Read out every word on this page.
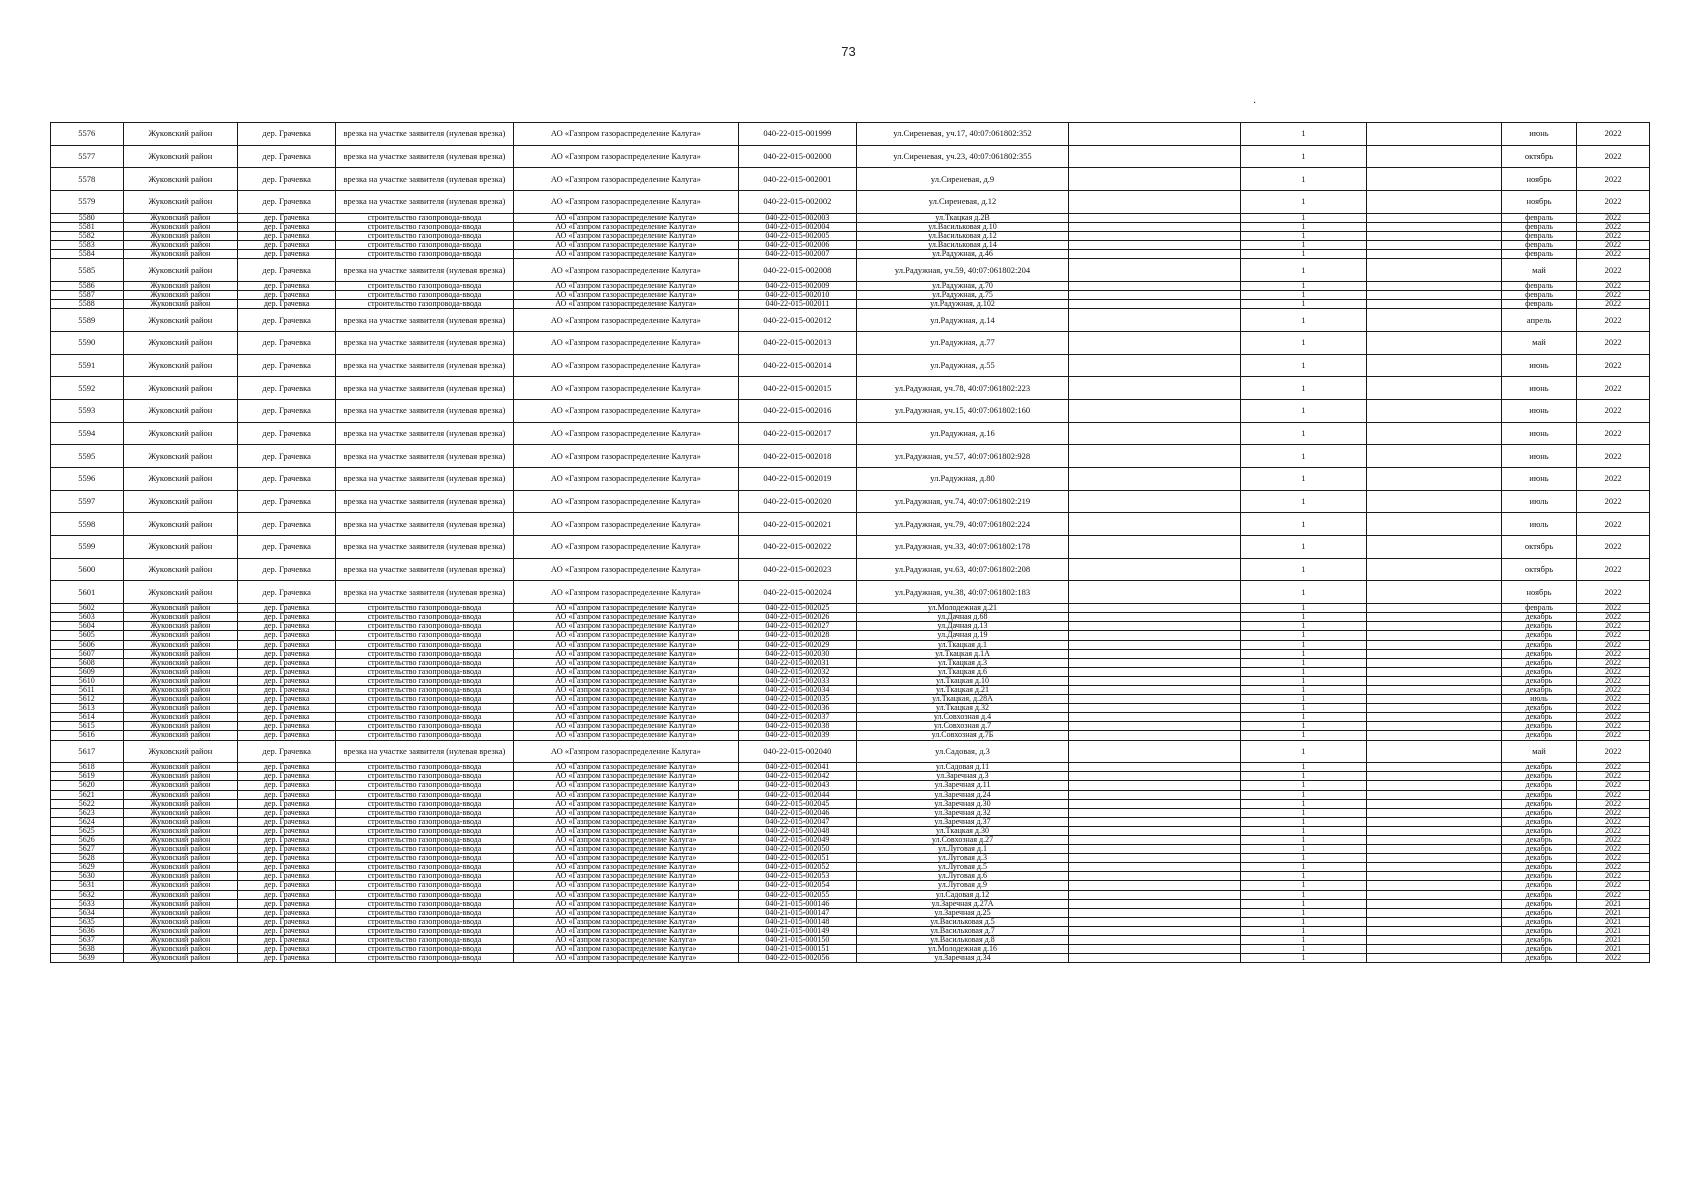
73
·
5576	Жуковский район	дер. Грачевка	врезка на участке заявителя (нулевая врезка)	АО «Газпром газораспределение Калуга»	040-22-015-001999	ул.Сиреневая, уч.17, 40:07:061802:352		1		июнь	2022
5577	Жуковский район	дер. Грачевка	врезка на участке заявителя (нулевая врезка)	АО «Газпром газораспределение Калуга»	040-22-015-002000	ул.Сиреневая, уч.23, 40:07:061802:355		1		октябрь	2022
5578	Жуковский район	дер. Грачевка	врезка на участке заявителя (нулевая врезка)	АО «Газпром газораспределение Калуга»	040-22-015-002001	ул.Сиреневая, д.9		1		ноябрь	2022
5579	Жуковский район	дер. Грачевка	врезка на участке заявителя (нулевая врезка)	АО «Газпром газораспределение Калуга»	040-22-015-002002	ул.Сиреневая, д.12		1		ноябрь	2022
5580	Жуковский район	дер. Грачевка	строительство газопровода-ввода	АО «Газпром газораспределение Калуга»	040-22-015-002003	ул.Ткацкая д.2В		1		февраль	2022
5581	Жуковский район	дер. Грачевка	строительство газопровода-ввода	АО «Газпром газораспределение Калуга»	040-22-015-002004	ул.Васильковая д.10		1		февраль	2022
5582	Жуковский район	дер. Грачевка	строительство газопровода-ввода	АО «Газпром газораспределение Калуга»	040-22-015-002005	ул.Васильковая д.12		1		февраль	2022
5583	Жуковский район	дер. Грачевка	строительство газопровода-ввода	АО «Газпром газораспределение Калуга»	040-22-015-002006	ул.Васильковая д.14		1		февраль	2022
5584	Жуковский район	дер. Грачевка	строительство газопровода-ввода	АО «Газпром газораспределение Калуга»	040-22-015-002007	ул.Радужная, д.46		1		февраль	2022
5585	Жуковский район	дер. Грачевка	врезка на участке заявителя (нулевая врезка)	АО «Газпром газораспределение Калуга»	040-22-015-002008	ул.Радужная, уч.59, 40:07:061802:204		1		май	2022
5586	Жуковский район	дер. Грачевка	строительство газопровода-ввода	АО «Газпром газораспределение Калуга»	040-22-015-002009	ул.Радужная, д.70		1		февраль	2022
5587	Жуковский район	дер. Грачевка	строительство газопровода-ввода	АО «Газпром газораспределение Калуга»	040-22-015-002010	ул.Радужная, д.75		1		февраль	2022
5588	Жуковский район	дер. Грачевка	строительство газопровода-ввода	АО «Газпром газораспределение Калуга»	040-22-015-002011	ул.Радужная, д.102		1		февраль	2022
5589	Жуковский район	дер. Грачевка	врезка на участке заявителя (нулевая врезка)	АО «Газпром газораспределение Калуга»	040-22-015-002012	ул.Радужная, д.14		1		апрель	2022
5590	Жуковский район	дер. Грачевка	врезка на участке заявителя (нулевая врезка)	АО «Газпром газораспределение Калуга»	040-22-015-002013	ул.Радужная, д.77		1		май	2022
5591	Жуковский район	дер. Грачевка	врезка на участке заявителя (нулевая врезка)	АО «Газпром газораспределение Калуга»	040-22-015-002014	ул.Радужная, д.55		1		июнь	2022
5592	Жуковский район	дер. Грачевка	врезка на участке заявителя (нулевая врезка)	АО «Газпром газораспределение Калуга»	040-22-015-002015	ул.Радужная, уч.78, 40:07:061802:223		1		июнь	2022
5593	Жуковский район	дер. Грачевка	врезка на участке заявителя (нулевая врезка)	АО «Газпром газораспределение Калуга»	040-22-015-002016	ул.Радужная, уч.15, 40:07:061802:160		1		июнь	2022
5594	Жуковский район	дер. Грачевка	врезка на участке заявителя (нулевая врезка)	АО «Газпром газораспределение Калуга»	040-22-015-002017	ул.Радужная, д.16		1		июнь	2022
5595	Жуковский район	дер. Грачевка	врезка на участке заявителя (нулевая врезка)	АО «Газпром газораспределение Калуга»	040-22-015-002018	ул.Радужная, уч.57, 40:07:061802:928		1		июнь	2022
5596	Жуковский район	дер. Грачевка	врезка на участке заявителя (нулевая врезка)	АО «Газпром газораспределение Калуга»	040-22-015-002019	ул.Радужная, д.80		1		июнь	2022
5597	Жуковский район	дер. Грачевка	врезка на участке заявителя (нулевая врезка)	АО «Газпром газораспределение Калуга»	040-22-015-002020	ул.Радужная, уч.74, 40:07:061802:219		1		июль	2022
5598	Жуковский район	дер. Грачевка	врезка на участке заявителя (нулевая врезка)	АО «Газпром газораспределение Калуга»	040-22-015-002021	ул.Радужная, уч.79, 40:07:061802:224		1		июль	2022
5599	Жуковский район	дер. Грачевка	врезка на участке заявителя (нулевая врезка)	АО «Газпром газораспределение Калуга»	040-22-015-002022	ул.Радужная, уч.33, 40:07:061802:178		1		октябрь	2022
5600	Жуковский район	дер. Грачевка	врезка на участке заявителя (нулевая врезка)	АО «Газпром газораспределение Калуга»	040-22-015-002023	ул.Радужная, уч.63, 40:07:061802:208		1		октябрь	2022
5601	Жуковский район	дер. Грачевка	врезка на участке заявителя (нулевая врезка)	АО «Газпром газораспределение Калуга»	040-22-015-002024	ул.Радужная, уч.38, 40:07:061802:183		1		ноябрь	2022
5602	Жуковский район	дер. Грачевка	строительство газопровода-ввода	АО «Газпром газораспределение Калуга»	040-22-015-002025	ул.Молодежная д.21		1		февраль	2022
5603	Жуковский район	дер. Грачевка	строительство газопровода-ввода	АО «Газпром газораспределение Калуга»	040-22-015-002026	ул.Дачная д.68		1		декабрь	2022
5604	Жуковский район	дер. Грачевка	строительство газопровода-ввода	АО «Газпром газораспределение Калуга»	040-22-015-002027	ул.Дачная д.13		1		декабрь	2022
5605	Жуковский район	дер. Грачевка	строительство газопровода-ввода	АО «Газпром газораспределение Калуга»	040-22-015-002028	ул.Дачная д.19		1		декабрь	2022
5606	Жуковский район	дер. Грачевка	строительство газопровода-ввода	АО «Газпром газораспределение Калуга»	040-22-015-002029	ул.Ткацкая д.1		1		декабрь	2022
5607	Жуковский район	дер. Грачевка	строительство газопровода-ввода	АО «Газпром газораспределение Калуга»	040-22-015-002030	ул.Ткацкая д.1А		1		декабрь	2022
5608	Жуковский район	дер. Грачевка	строительство газопровода-ввода	АО «Газпром газораспределение Калуга»	040-22-015-002031	ул.Ткацкая д.3		1		декабрь	2022
5609	Жуковский район	дер. Грачевка	строительство газопровода-ввода	АО «Газпром газораспределение Калуга»	040-22-015-002032	ул.Ткацкая д.6		1		декабрь	2022
5610	Жуковский район	дер. Грачевка	строительство газопровода-ввода	АО «Газпром газораспределение Калуга»	040-22-015-002033	ул.Ткацкая д.10		1		декабрь	2022
5611	Жуковский район	дер. Грачевка	строительство газопровода-ввода	АО «Газпром газораспределение Калуга»	040-22-015-002034	ул.Ткацкая д.21		1		декабрь	2022
5612	Жуковский район	дер. Грачевка	строительство газопровода-ввода	АО «Газпром газораспределение Калуга»	040-22-015-002035	ул.Ткацкая, д.28А		1		июль	2022
5613	Жуковский район	дер. Грачевка	строительство газопровода-ввода	АО «Газпром газораспределение Калуга»	040-22-015-002036	ул.Ткацкая д.32		1		декабрь	2022
5614	Жуковский район	дер. Грачевка	строительство газопровода-ввода	АО «Газпром газораспределение Калуга»	040-22-015-002037	ул.Совхозная д.4		1		декабрь	2022
5615	Жуковский район	дер. Грачевка	строительство газопровода-ввода	АО «Газпром газораспределение Калуга»	040-22-015-002038	ул.Совхозная д.7		1		декабрь	2022
5616	Жуковский район	дер. Грачевка	строительство газопровода-ввода	АО «Газпром газораспределение Калуга»	040-22-015-002039	ул.Совхозная д.7Б		1		декабрь	2022
5617	Жуковский район	дер. Грачевка	врезка на участке заявителя (нулевая врезка)	АО «Газпром газораспределение Калуга»	040-22-015-002040	ул.Садовая, д.3		1		май	2022
5618	Жуковский район	дер. Грачевка	строительство газопровода-ввода	АО «Газпром газораспределение Калуга»	040-22-015-002041	ул.Садовая д.11		1		декабрь	2022
5619	Жуковский район	дер. Грачевка	строительство газопровода-ввода	АО «Газпром газораспределение Калуга»	040-22-015-002042	ул.Заречная д.3		1		декабрь	2022
5620	Жуковский район	дер. Грачевка	строительство газопровода-ввода	АО «Газпром газораспределение Калуга»	040-22-015-002043	ул.Заречная д.11		1		декабрь	2022
5621	Жуковский район	дер. Грачевка	строительство газопровода-ввода	АО «Газпром газораспределение Калуга»	040-22-015-002044	ул.Заречная д.24		1		декабрь	2022
5622	Жуковский район	дер. Грачевка	строительство газопровода-ввода	АО «Газпром газораспределение Калуга»	040-22-015-002045	ул.Заречная д.30		1		декабрь	2022
5623	Жуковский район	дер. Грачевка	строительство газопровода-ввода	АО «Газпром газораспределение Калуга»	040-22-015-002046	ул.Заречная д.32		1		декабрь	2022
5624	Жуковский район	дер. Грачевка	строительство газопровода-ввода	АО «Газпром газораспределение Калуга»	040-22-015-002047	ул.Заречная д.37		1		декабрь	2022
5625	Жуковский район	дер. Грачевка	строительство газопровода-ввода	АО «Газпром газораспределение Калуга»	040-22-015-002048	ул.Ткацкая д.30		1		декабрь	2022
5626	Жуковский район	дер. Грачевка	строительство газопровода-ввода	АО «Газпром газораспределение Калуга»	040-22-015-002049	ул.Совхозная д.27		1		декабрь	2022
5627	Жуковский район	дер. Грачевка	строительство газопровода-ввода	АО «Газпром газораспределение Калуга»	040-22-015-002050	ул.Луговая д.1		1		декабрь	2022
5628	Жуковский район	дер. Грачевка	строительство газопровода-ввода	АО «Газпром газораспределение Калуга»	040-22-015-002051	ул.Луговая д.3		1		декабрь	2022
5629	Жуковский район	дер. Грачевка	строительство газопровода-ввода	АО «Газпром газораспределение Калуга»	040-22-015-002052	ул.Луговая д.5		1		декабрь	2022
5630	Жуковский район	дер. Грачевка	строительство газопровода-ввода	АО «Газпром газораспределение Калуга»	040-22-015-002053	ул.Луговая д.6		1		декабрь	2022
5631	Жуковский район	дер. Грачевка	строительство газопровода-ввода	АО «Газпром газораспределение Калуга»	040-22-015-002054	ул.Луговая д.9		1		декабрь	2022
5632	Жуковский район	дер. Грачевка	строительство газопровода-ввода	АО «Газпром газораспределение Калуга»	040-22-015-002055	ул.Садовая д.12		1		декабрь	2022
5633	Жуковский район	дер. Грачевка	строительство газопровода-ввода	АО «Газпром газораспределение Калуга»	040-21-015-000146	ул.Заречная д.27А		1		декабрь	2021
5634	Жуковский район	дер. Грачевка	строительство газопровода-ввода	АО «Газпром газораспределение Калуга»	040-21-015-000147	ул.Заречная д.25		1		декабрь	2021
5635	Жуковский район	дер. Грачевка	строительство газопровода-ввода	АО «Газпром газораспределение Калуга»	040-21-015-000148	ул.Васильковая д.5		1		декабрь	2021
5636	Жуковский район	дер. Грачевка	строительство газопровода-ввода	АО «Газпром газораспределение Калуга»	040-21-015-000149	ул.Васильковая д.7		1		декабрь	2021
5637	Жуковский район	дер. Грачевка	строительство газопровода-ввода	АО «Газпром газораспределение Калуга»	040-21-015-000150	ул.Васильковая д.8		1		декабрь	2021
5638	Жуковский район	дер. Грачевка	строительство газопровода-ввода	АО «Газпром газораспределение Калуга»	040-21-015-000151	ул.Молодежная д.16		1		декабрь	2021
5639	Жуковский район	дер. Грачевка	строительство газопровода-ввода	АО «Газпром газораспределение Калуга»	040-22-015-002056	ул.Заречная д.34		1		декабрь	2022
